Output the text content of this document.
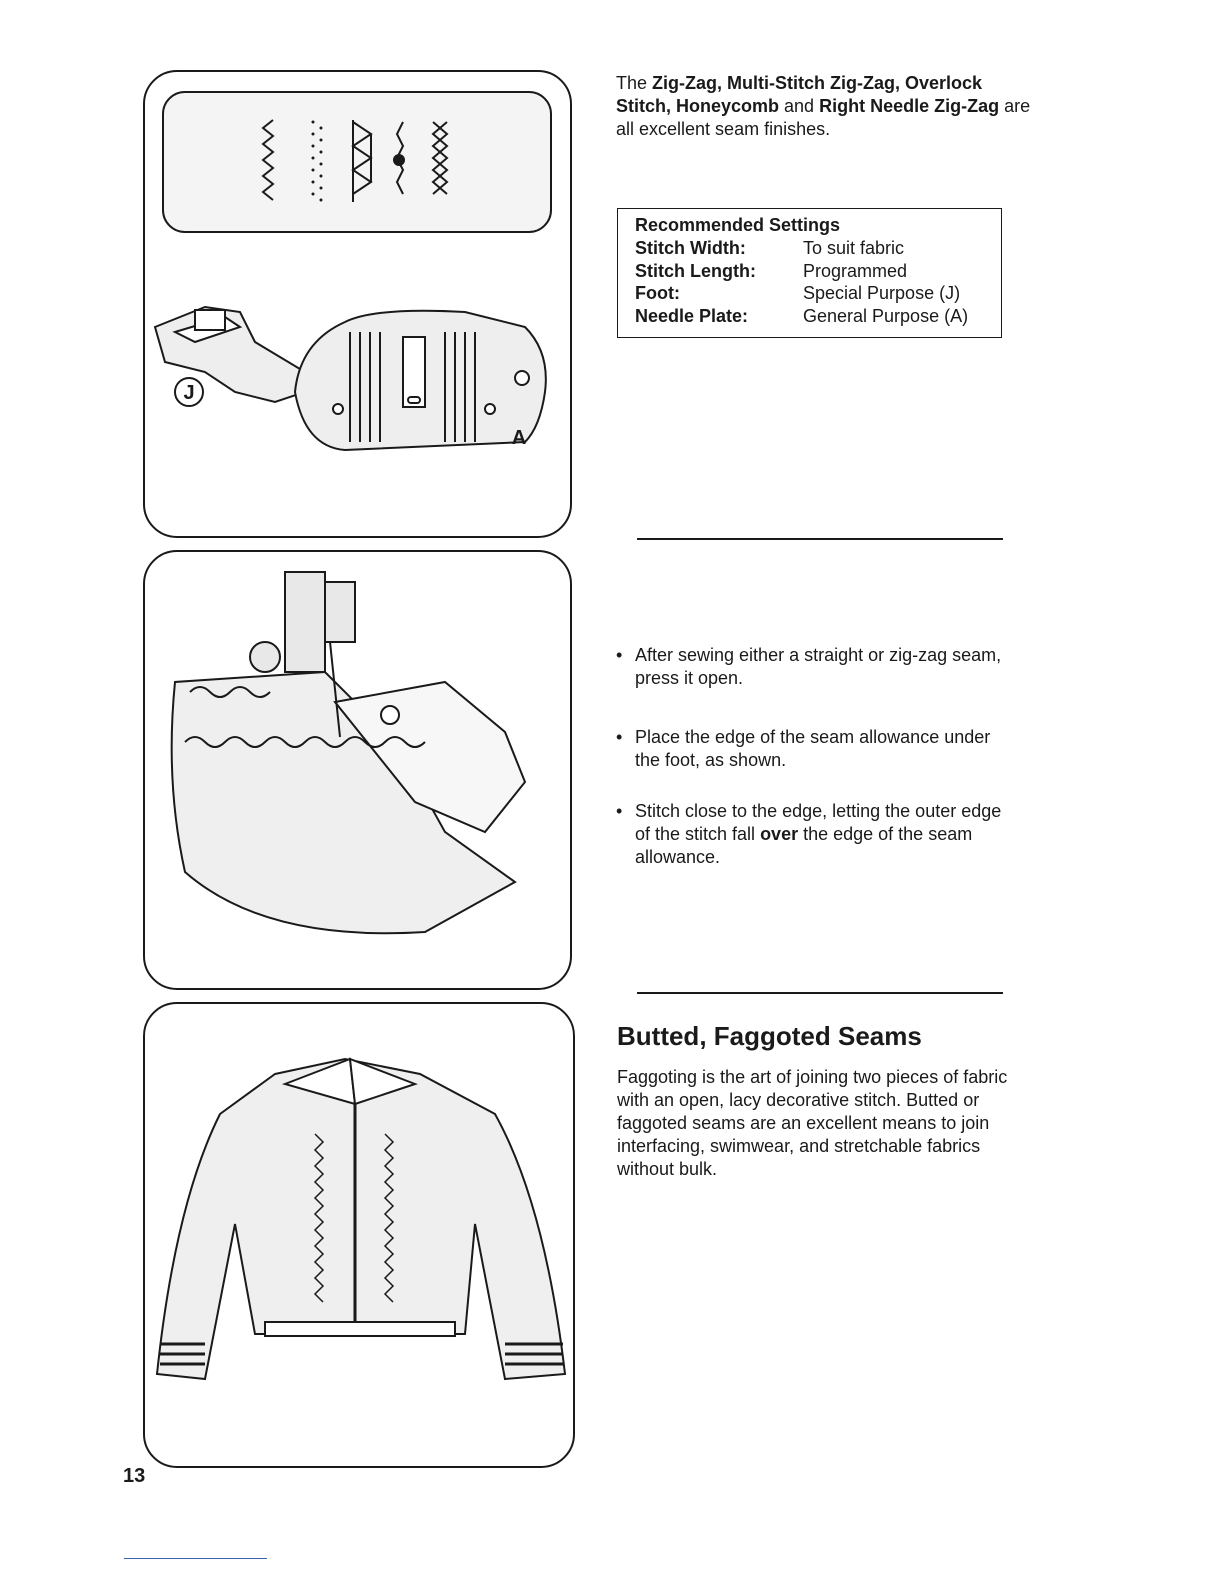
J
A
The Zig-Zag, Multi-Stitch Zig-Zag, Overlock Stitch, Honeycomb and Right Needle Zig-Zag are all excellent seam finishes.
Recommended Settings
Stitch Width:	To suit fabric
Stitch Length:	Programmed
Foot:	Special Purpose (J)
Needle Plate:	General Purpose (A)
• After sewing either a straight or zig-zag seam, press it open.
• Place the edge of the seam allowance under the foot, as shown.
• Stitch close to the edge, letting the outer edge of the stitch fall over the edge of the seam allowance.
Butted, Faggoted Seams
Faggoting is the art of joining two pieces of fabric with an open, lacy decorative stitch. Butted or faggoted seams are an excellent means to join interfacing, swimwear, and stretchable fabrics without bulk.
13
